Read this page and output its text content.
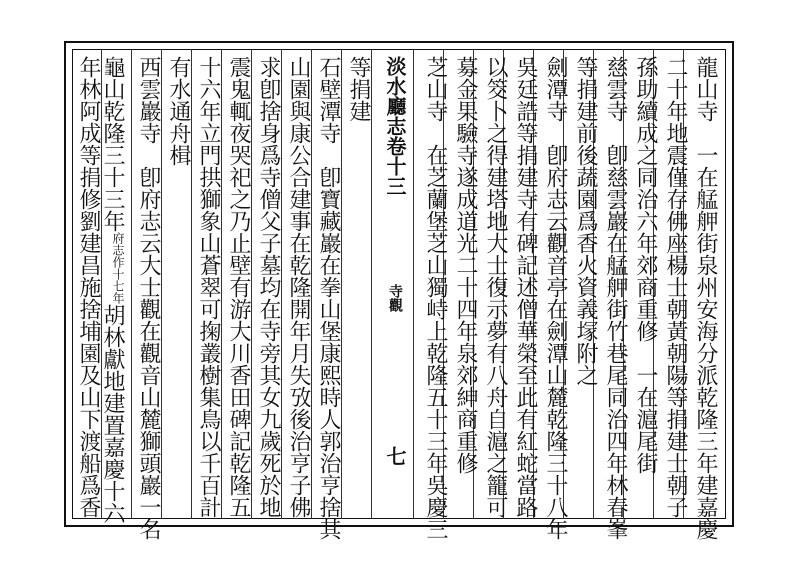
龍山寺　一在艋舺街泉州安海分派乾隆三年建嘉慶

二十年地震僅存佛座楊士朝黃朝陽等捐建士朝子

孫助續成之同治六年郊商重修　一在滬尾街

慈雲寺　卽慈雲巖在艋舺街竹巷尾同治四年林春峯

等捐建前後蔬園爲香火資義塜附之

劍潭寺　卽府志云觀音亭在劍潭山麓乾隆三十八年

吳廷誥等捐建寺有碑記述僧華榮至此有紅蛇當路

以筊卜之得建塔地大士復示夢有八舟自滬之籠可

募金果驗寺遂成道光二十四年泉郊紳商重修

芝山寺　在芝蘭堡芝山獨峙上乾隆五十三年吳慶三

淡水廳志卷十三  寺觀  七

等捐建

石壁潭寺　卽寶藏巖在拳山堡康熙時人郭治亨捨其

山園與康公合建事在乾隆開年月失攷後治亨子佛

求卽捨身爲寺僧父子墓均在寺旁其女九歲死於地

震鬼輒夜哭祀之乃止壁有游大川香田碑記乾隆五

十六年立門拱獅象山蒼翠可掬叢樹集鳥以千百計

有水通舟楫

西雲巖寺　卽府志云大士觀在觀音山麓獅頭巖一名

龜山乾隆三十三年府志作十七年胡林獻地建置嘉慶十六

年林阿成等捐修劉建昌施捨埔園及山下渡船爲香
